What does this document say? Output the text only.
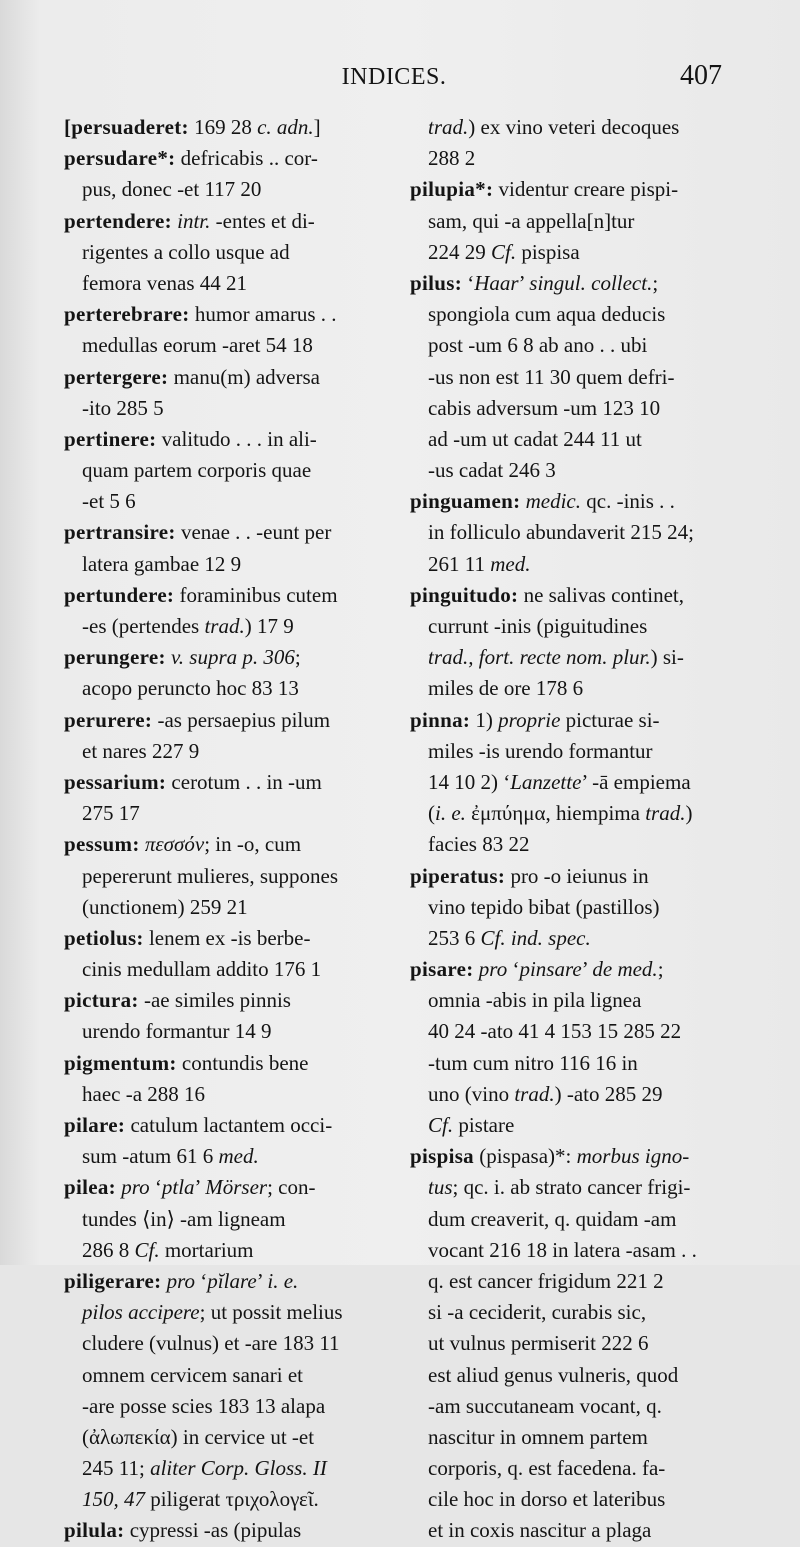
INDICES.	407
[persuaderet: 169 28 c. adn.]
persudare*: defricabis .. cor-
pus, donec -et 117 20
pertendere: intr. -entes et di-
rigentes a collo usque ad
femora venas 44 21
perterebrare: humor amarus . .
medullas eorum -aret 54 18
pertergere: manu(m) adversa
-ito 285 5
pertinere: valitudo . . . in ali-
quam partem corporis quae
-et 5 6
pertransire: venae . . -eunt per
latera gambae 12 9
pertundere: foraminibus cutem
-es (pertendes trad.) 17 9
perungere: v. supra p. 306;
acopo perunctо hoc 83 13
perurere: -as persaepius pilum
et nares 227 9
pessarium: cerotum . . in -um
275 17
pessum: πεσσόν; in -o, cum
pepererunt mulieres, suppones
(unctionem) 259 21
petiolus: lenem ex -is berbe-
cinis medullam addito 176 1
pictura: -ae similes pinnis
urendo formantur 14 9
pigmentum: contundis bene
haec -a 288 16
pilare: catulum lactantem occi-
sum -atum 61 6 med.
pilea: pro ‘ptla’ Mörser; con-
tundes ⟨in⟩ -am ligneam
286 8 Cf. mortarium
piligerare: pro ‘pĭlare’ i. e.
pilos accipere; ut possit melius
cludere (vulnus) et -are 183 11
omnem cervicem sanari et
-are posse scies 183 13 alapa
(ἀλωπεκία) in cervice ut -et
245 11; aliter Corp. Gloss. II
150, 47 piligerat τριχολογεῖ.
pilula: cypressi -as (pipulas
trad.) ex vino veteri decoques
288 2
pilupia*: videntur creare pispi-
sam, qui -a appella[n]tur
224 29 Cf. pispisa
pilus: ‘Haar’ singul. collect.;
spongiola cum aqua deducis
post -um 6 8 ab ano . . ubi
-us non est 11 30 quem defri-
cabis adversum -um 123 10
ad -um ut cadat 244 11 ut
-us cadat 246 3
pinguamen: medic. qc. -inis . .
in folliculo abundaverit 215 24;
261 11 med.
pinguitudo: ne salivas continet,
currunt -inis (piguitudines
trad., fort. recte nom. plur.) si-
miles de ore 178 6
pinna: 1) proprie picturae si-
miles -is urendo formantur
14 10 2) ‘Lanzette’ -ā empiema
(i. e. ἐμπύημα, hiempima trad.)
facies 83 22
piperatus: pro -o ieiunus in
vino tepido bibat (pastillos)
253 6 Cf. ind. spec.
pisare: pro ‘pinsare’ de med.;
omnia -abis in pila lignea
40 24 -ato 41 4 153 15 285 22
-tum cum nitro 116 16 in
uno (vino trad.) -ato 285 29
Cf. pistare
pispisa (pispasa)*: morbus igno-
tus; qc. i. ab strato cancer frigi-
dum creaverit, q. quidam -am
vocant 216 18 in latera -asam . .
q. est cancer frigidum 221 2
si -a ceciderit, curabis sic,
ut vulnus permiserit 222 6
est aliud genus vulneris, quod
-am succutaneam vocant, q.
nascitur in omnem partem
corporis, q. est facedena. fa-
cile hoc in dorso et lateribus
et in coxis nascitur a plaga
